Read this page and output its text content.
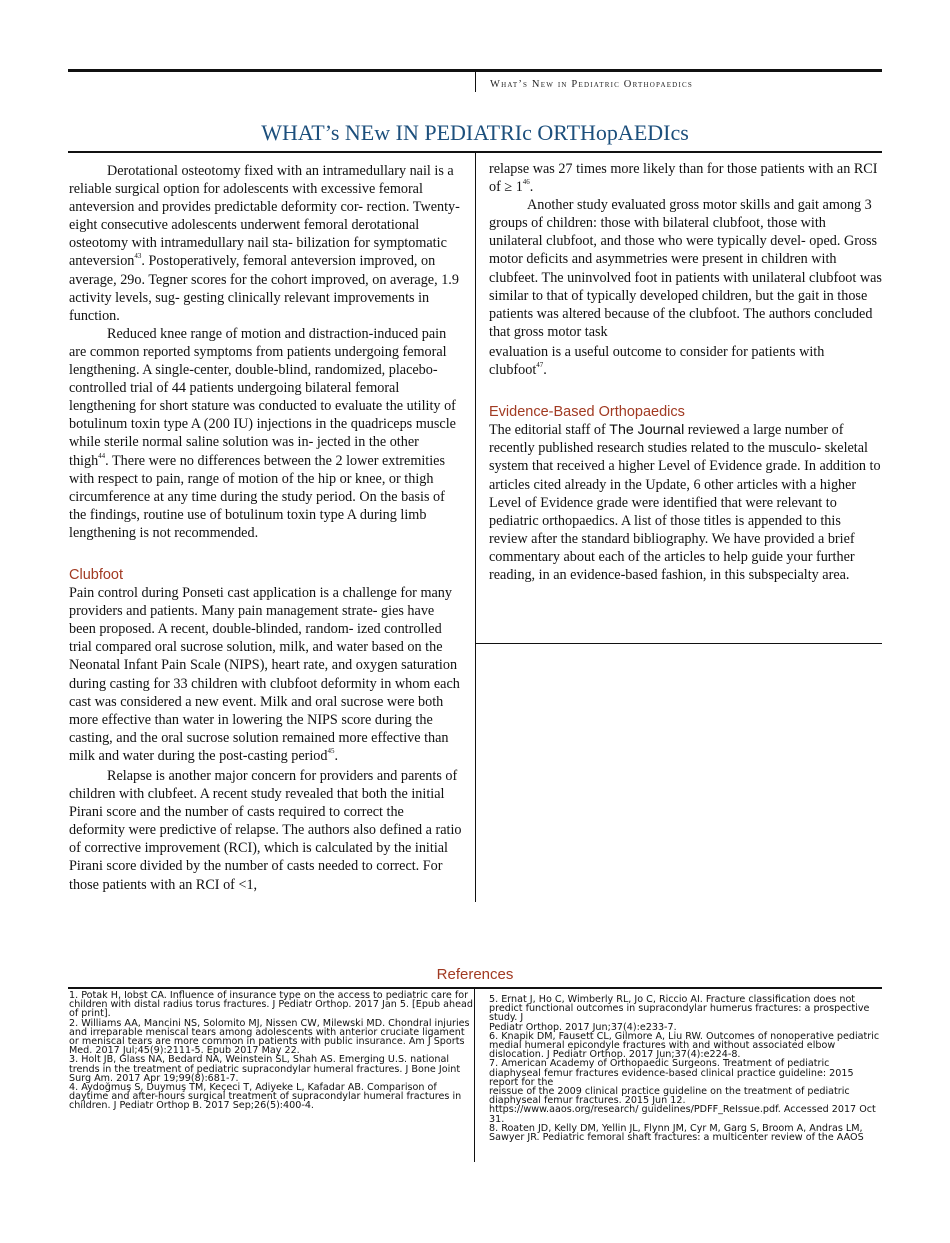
What’s New in Pediatric Orthopaedics
WHAT’s NEw IN PEDIATRIc ORTHopAEDIcs

Derotational osteotomy fixed with an intramedullary nail is a reliable surgical option for adolescents with excessive femoral anteversion and provides predictable deformity cor- rection. Twenty-eight consecutive adolescents underwent femoral derotational osteotomy with intramedullary nail sta- bilization for symptomatic anteversion$^{43}$. Postoperatively, femoral anteversion improved, on average, 29o. Tegner scores for the cohort improved, on average, 1.9 activity levels, sug- gesting clinically relevant improvements in function.

Reduced knee range of motion and distraction-induced pain are common reported symptoms from patients undergoing femoral lengthening. A single-center, double-blind, randomized, placebo-controlled trial of 44 patients undergoing bilateral femoral lengthening for short stature was conducted to evaluate the utility of botulinum toxin type A (200 IU) injections in the quadriceps muscle while sterile normal saline solution was in- jected in the other thigh$^{44}$. There were no differences between the 2 lower extremities with respect to pain, range of motion of the hip or knee, or thigh circumference at any time during the study period. On the basis of the findings, routine use of botulinum toxin type A during limb lengthening is not recommended.

Clubfoot

Pain control during Ponseti cast application is a challenge for many providers and patients. Many pain management strate- gies have been proposed. A recent, double-blinded, random- ized controlled trial compared oral sucrose solution, milk, and water based on the Neonatal Infant Pain Scale (NIPS), heart rate, and oxygen saturation during casting for 33 children with clubfoot deformity in whom each cast was considered a new event. Milk and oral sucrose were both more effective than water in lowering the NIPS score during the casting, and the oral sucrose solution remained more effective than milk and water during the post-casting period$^{45}$.

Relapse is another major concern for providers and parents of children with clubfeet. A recent study revealed that both the initial Pirani score and the number of casts required to correct the deformity were predictive of relapse. The authors also defined a ratio of corrective improvement (RCI), which is calculated by the initial Pirani score divided by the number of casts needed to correct. For those patients with an RCI of <1,

relapse was 27 times more likely than for those patients with an RCI of ≥ $1^{46}$.

Another study evaluated gross motor skills and gait among 3 groups of children: those with bilateral clubfoot, those with unilateral clubfoot, and those who were typically devel- oped. Gross motor deficits and asymmetries were present in children with clubfeet. The uninvolved foot in patients with unilateral clubfoot was similar to that of typically developed children, but the gait in those patients was altered because of the clubfoot. The authors concluded that gross motor task

evaluation is a useful outcome to consider for patients with clubfoot$^{47}$.

Evidence-Based Orthopaedics

The editorial staff of The Journal reviewed a large number of recently published research studies related to the musculo- skeletal system that received a higher Level of Evidence grade. In addition to articles cited already in the Update, 6 other articles with a higher Level of Evidence grade were identified that were relevant to pediatric orthopaedics. A list of those titles is appended to this review after the standard bibliography. We have provided a brief commentary about each of the articles to help guide your further reading, in an evidence-based fashion, in this subspecialty area.

References
1. Potak H, Iobst CA. Influence of insurance type on the access to pediatric care for children with distal radius torus fractures. J Pediatr Orthop. 2017 Jan 5. [Epub ahead of print].
2. Williams AA, Mancini NS, Solomito MJ, Nissen CW, Milewski MD. Chondral injuries and irreparable meniscal tears among adolescents with anterior cruciate ligament or meniscal tears are more common in patients with public insurance. Am J Sports Med. 2017 Jul;45(9):2111-5. Epub 2017 May 22.
3. Holt JB, Glass NA, Bedard NA, Weinstein SL, Shah AS. Emerging U.S. national trends in the treatment of pediatric supracondylar humeral fractures. J Bone Joint Surg Am. 2017 Apr 19;99(8):681-7.
4. Aydoğmuş S, Duymuş TM, Keçeci T, Adiyeke L, Kafadar AB. Comparison of daytime and after-hours surgical treatment of supracondylar humeral fractures in children. J Pediatr Orthop B. 2017 Sep;26(5):400-4.
5. Ernat J, Ho C, Wimberly RL, Jo C, Riccio AI. Fracture classification does not predict functional outcomes in supracondylar humerus fractures: a prospective study. J
Pediatr Orthop. 2017 Jun;37(4):e233-7.
6. Knapik DM, Fausett CL, Gilmore A, Liu RW. Outcomes of nonoperative pediatric medial humeral epicondyle fractures with and without associated elbow dislocation. J Pediatr Orthop. 2017 Jun;37(4):e224-8.
7. American Academy of Orthopaedic Surgeons. Treatment of pediatric diaphyseal femur fractures evidence-based clinical practice guideline: 2015 report for the
reissue of the 2009 clinical practice guideline on the treatment of pediatric diaphyseal femur fractures. 2015 Jun 12.
https://www.aaos.org/research/ guidelines/PDFF_ReIssue.pdf. Accessed 2017 Oct 31.
8. Roaten JD, Kelly DM, Yellin JL, Flynn JM, Cyr M, Garg S, Broom A, Andras LM, Sawyer JR. Pediatric femoral shaft fractures: a multicenter review of the AAOS
